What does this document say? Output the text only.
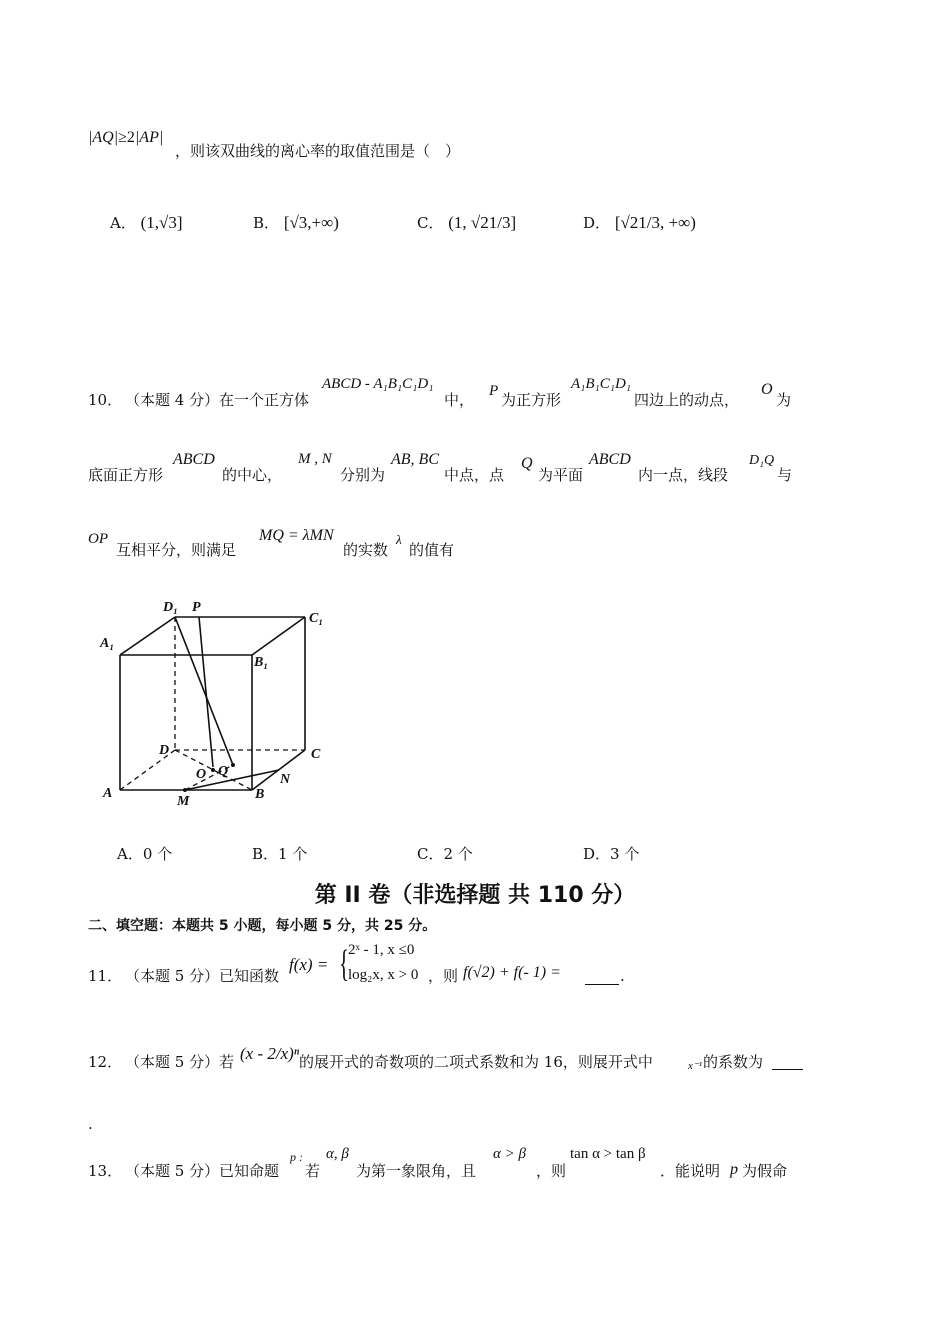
|AQ|≥2|AP|
，则该双曲线的离心率的取值范围是（　）
A． (1,√3]	B． [√3,+∞)	C． (1, √21/3]	D． [√21/3, +∞)
10． （本题 4 分） 在一个正方体
ABCD - A₁B₁C₁D₁
中， P 为正方形
A₁B₁C₁D₁
四边上的动点，
O
为
底面正方形
ABCD
的中心，
M , N
分别为
AB, BC
中点，点
Q
为平面
ABCD
内一点，线段
D₁Q
与
OP
互相平分，则满足
MQ = λMN
的实数
λ
的值有
D₁ P
C₁
A₁
B₁
D	C
O Q
N
A
M	B
A．0 个	B．1 个	C．2 个	D．3 个
第 II 卷（非选择题 共 110 分）
二、填空题：本题共 5 小题，每小题 5 分，共 25 分。
11． （本题 5 分） 已知函数
f(x) = {
2ˣ - 1, x ≤0
log₂x, x > 0 ，则 f(√2) + f(- 1) =	.
12． （本题 5 分） 若 (x - 2/x)ⁿ 的展开式的奇数项的二项式系数和为 16，则展开式中	x⁻¹ 的系数为
.
13． （本题 5 分） 已知命题
p :
若
α, β
为第一象限角，且
α > β
，则
tan α > tan β
．能说明 p 为假命
